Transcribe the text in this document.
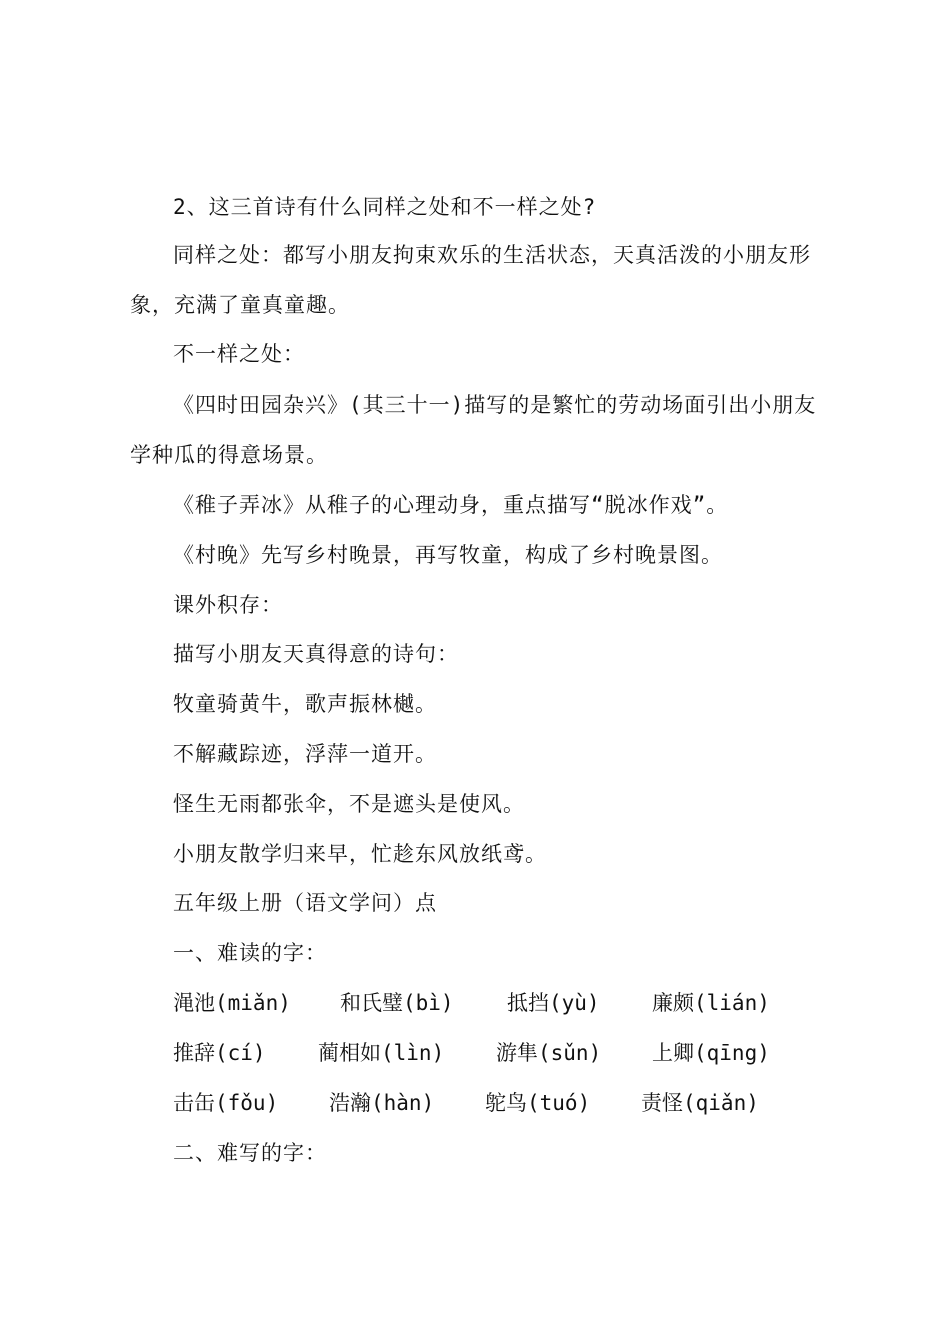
2、这三首诗有什么同样之处和不一样之处?
同样之处：都写小朋友拘束欢乐的生活状态，天真活泼的小朋友形
象，充满了童真童趣。
不一样之处：
《四时田园杂兴》(其三十一)描写的是繁忙的劳动场面引出小朋友
学种瓜的得意场景。
《稚子弄冰》从稚子的心理动身，重点描写“脱冰作戏”。
《村晚》先写乡村晚景，再写牧童，构成了乡村晚景图。
课外积存：
描写小朋友天真得意的诗句：
牧童骑黄牛，歌声振林樾。
不解藏踪迹，浮萍一道开。
怪生无雨都张伞，不是遮头是使风。
小朋友散学归来早，忙趁东风放纸鸢。
五年级上册（语文学问）点
一、难读的字：

渑池(miǎn)

和氏璧(bì)

	抵挡(yù)

廉颇(lián)

推辞(cí)

蔺相如(lìn)

游隼(sǔn)

上卿(qīng)

击缶(fǒu)

浩瀚(hàn)

鸵鸟(tuó)

责怪(qiǎn)

二、难写的字：
